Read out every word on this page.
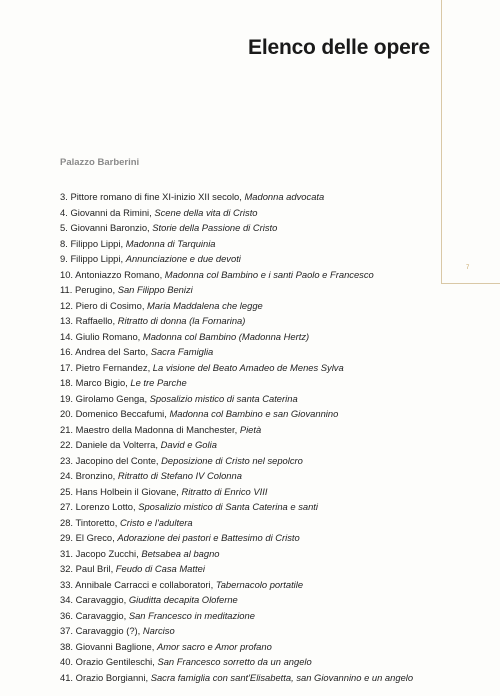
Elenco delle opere
7
Palazzo Barberini
3. Pittore romano di fine XI-inizio XII secolo, Madonna advocata
4. Giovanni da Rimini, Scene della vita di Cristo
5. Giovanni Baronzio, Storie della Passione di Cristo
8. Filippo Lippi, Madonna di Tarquinia
9. Filippo Lippi, Annunciazione e due devoti
10. Antoniazzo Romano, Madonna col Bambino e i santi Paolo e Francesco
11. Perugino, San Filippo Benizi
12. Piero di Cosimo, Maria Maddalena che legge
13. Raffaello, Ritratto di donna (la Fornarina)
14. Giulio Romano, Madonna col Bambino (Madonna Hertz)
16. Andrea del Sarto, Sacra Famiglia
17. Pietro Fernandez, La visione del Beato Amadeo de Menes Sylva
18. Marco Bigio, Le tre Parche
19. Girolamo Genga, Sposalizio mistico di santa Caterina
20. Domenico Beccafumi, Madonna col Bambino e san Giovannino
21. Maestro della Madonna di Manchester, Pietà
22. Daniele da Volterra, David e Golia
23. Jacopino del Conte, Deposizione di Cristo nel sepolcro
24. Bronzino, Ritratto di Stefano IV Colonna
25. Hans Holbein il Giovane, Ritratto di Enrico VIII
27. Lorenzo Lotto, Sposalizio mistico di Santa Caterina e santi
28. Tintoretto, Cristo e l'adultera
29. El Greco, Adorazione dei pastori e Battesimo di Cristo
31. Jacopo Zucchi, Betsabea al bagno
32. Paul Bril, Feudo di Casa Mattei
33. Annibale Carracci e collaboratori, Tabernacolo portatile
34. Caravaggio, Giuditta decapita Oloferne
36. Caravaggio, San Francesco in meditazione
37. Caravaggio (?), Narciso
38. Giovanni Baglione, Amor sacro e Amor profano
40. Orazio Gentileschi, San Francesco sorretto da un angelo
41. Orazio Borgianni, Sacra famiglia con sant'Elisabetta, san Giovannino e un angelo
